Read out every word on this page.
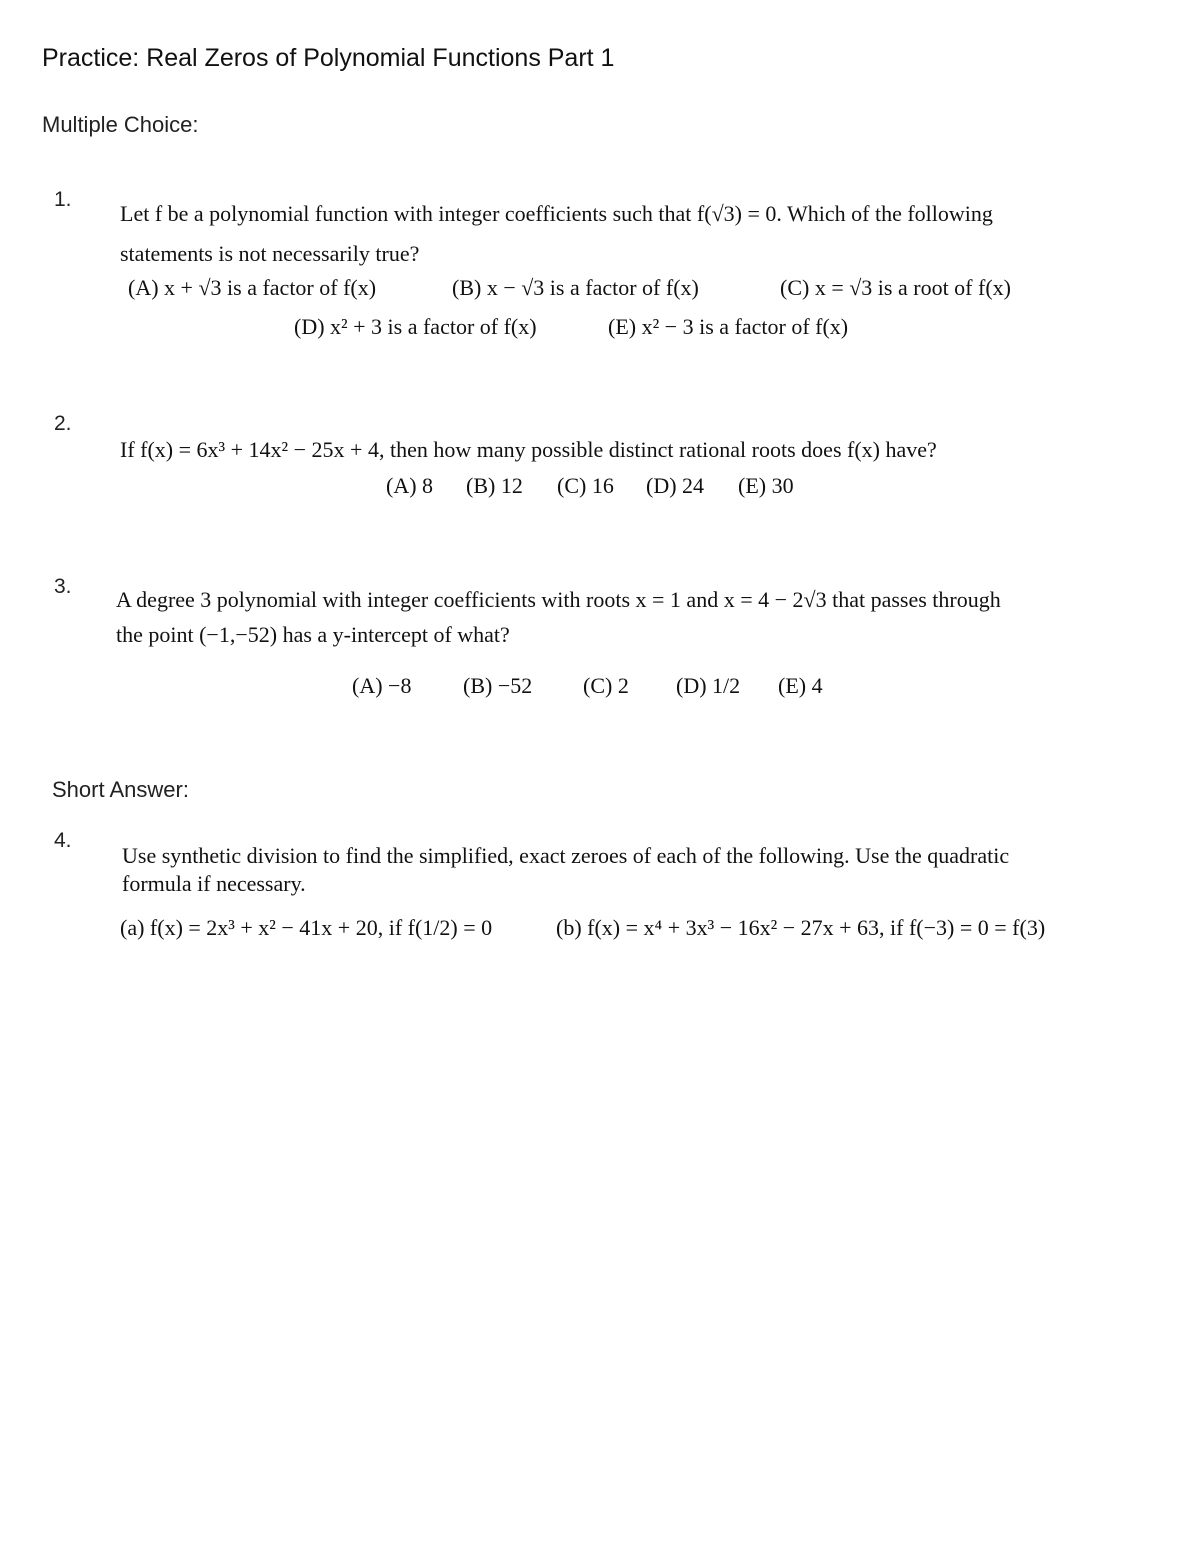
Practice: Real Zeros of Polynomial Functions Part 1
Multiple Choice:
1.
Let f be a polynomial function with integer coefficients such that f(√3) = 0. Which of the following
statements is not necessarily true?
(A) x + √3 is a factor of f(x)	(B) x − √3 is a factor of f(x)	(C) x = √3 is a root of f(x)
(D) x² + 3 is a factor of f(x)	(E) x² − 3 is a factor of f(x)
2.
If f(x) = 6x³ + 14x² − 25x + 4, then how many possible distinct rational roots does f(x) have?
(A) 8 (B) 12 (C) 16 (D) 24 (E) 30
3.
A degree 3 polynomial with integer coefficients with roots x = 1 and x = 4 − 2√3 that passes through
the point (−1,−52) has a y-intercept of what?
(A) −8 (B) −52 (C) 2 (D) 1/2 (E) 4
Short Answer:
4.
Use synthetic division to find the simplified, exact zeroes of each of the following. Use the quadratic
formula if necessary.
(a) f(x) = 2x³ + x² − 41x + 20, if f(1/2) = 0	(b) f(x) = x⁴ + 3x³ − 16x² − 27x + 63, if f(−3) = 0 = f(3)
